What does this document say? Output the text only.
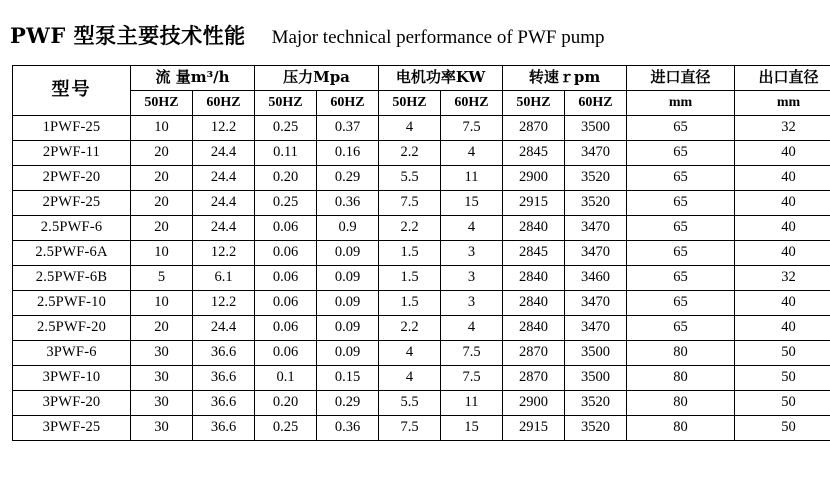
PWF 型泵主要技术性能 Major technical performance of PWF pump
型号	流 量m³/h		压力Mpa		电机功率KW		转速ｒpm		进口直径	出口直径
	50HZ	60HZ	50HZ	60HZ	50HZ	60HZ	50HZ	60HZ	mm	mm
1PWF-25	10	12.2	0.25	0.37	4	7.5	2870	3500	65	32
2PWF-11	20	24.4	0.11	0.16	2.2	4	2845	3470	65	40
2PWF-20	20	24.4	0.20	0.29	5.5	11	2900	3520	65	40
2PWF-25	20	24.4	0.25	0.36	7.5	15	2915	3520	65	40
2.5PWF-6	20	24.4	0.06	0.9	2.2	4	2840	3470	65	40
2.5PWF-6A	10	12.2	0.06	0.09	1.5	3	2845	3470	65	40
2.5PWF-6B	5	6.1	0.06	0.09	1.5	3	2840	3460	65	32
2.5PWF-10	10	12.2	0.06	0.09	1.5	3	2840	3470	65	40
2.5PWF-20	20	24.4	0.06	0.09	2.2	4	2840	3470	65	40
3PWF-6	30	36.6	0.06	0.09	4	7.5	2870	3500	80	50
3PWF-10	30	36.6	0.1	0.15	4	7.5	2870	3500	80	50
3PWF-20	30	36.6	0.20	0.29	5.5	11	2900	3520	80	50
3PWF-25	30	36.6	0.25	0.36	7.5	15	2915	3520	80	50
